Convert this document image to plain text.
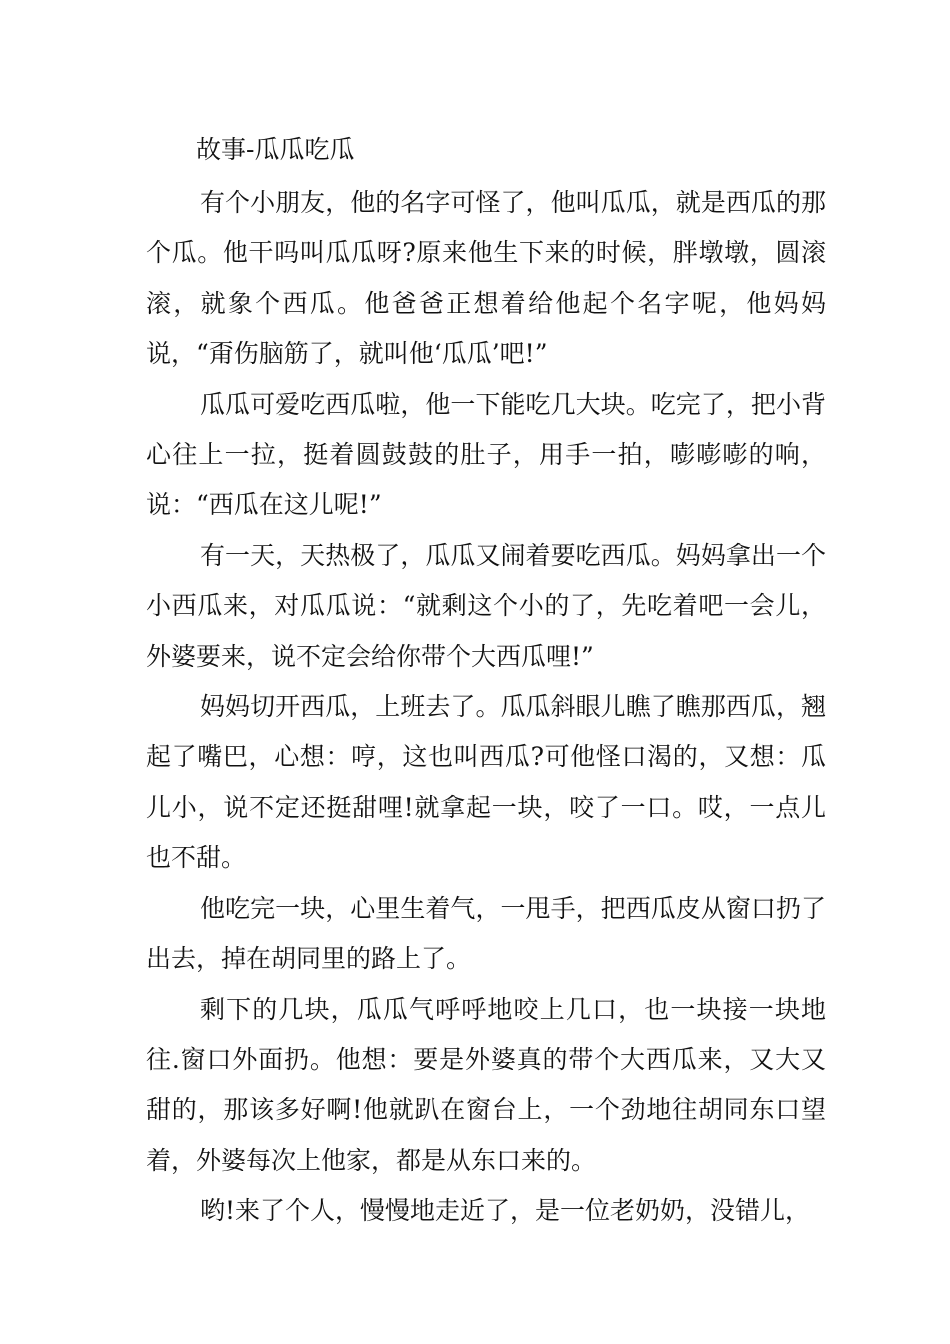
故事-瓜瓜吃瓜

有个小朋友，他的名字可怪了，他叫瓜瓜，就是西瓜的那个瓜。他干吗叫瓜瓜呀?原来他生下来的时候，胖墩墩，圆滚滚，就象个西瓜。他爸爸正想着给他起个名字呢，他妈妈说，“甭伤脑筋了，就叫他‘瓜瓜’吧!”

瓜瓜可爱吃西瓜啦，他一下能吃几大块。吃完了，把小背心往上一拉，挺着圆鼓鼓的肚子，用手一拍，嘭嘭嘭的响，说：“西瓜在这儿呢!”

有一天，天热极了，瓜瓜又闹着要吃西瓜。妈妈拿出一个小西瓜来，对瓜瓜说：“就剩这个小的了，先吃着吧一会儿，外婆要来，说不定会给你带个大西瓜哩!”

妈妈切开西瓜，上班去了。瓜瓜斜眼儿瞧了瞧那西瓜，翘起了嘴巴，心想：哼，这也叫西瓜?可他怪口渴的，又想：瓜儿小，说不定还挺甜哩!就拿起一块，咬了一口。哎，一点儿也不甜。

他吃完一块，心里生着气，一甩手，把西瓜皮从窗口扔了出去，掉在胡同里的路上了。

剩下的几块，瓜瓜气呼呼地咬上几口，也一块接一块地往.窗口外面扔。他想：要是外婆真的带个大西瓜来，又大又甜的，那该多好啊!他就趴在窗台上，一个劲地往胡同东口望着，外婆每次上他家，都是从东口来的。

哟!来了个人，慢慢地走近了，是一位老奶奶，没错儿，
